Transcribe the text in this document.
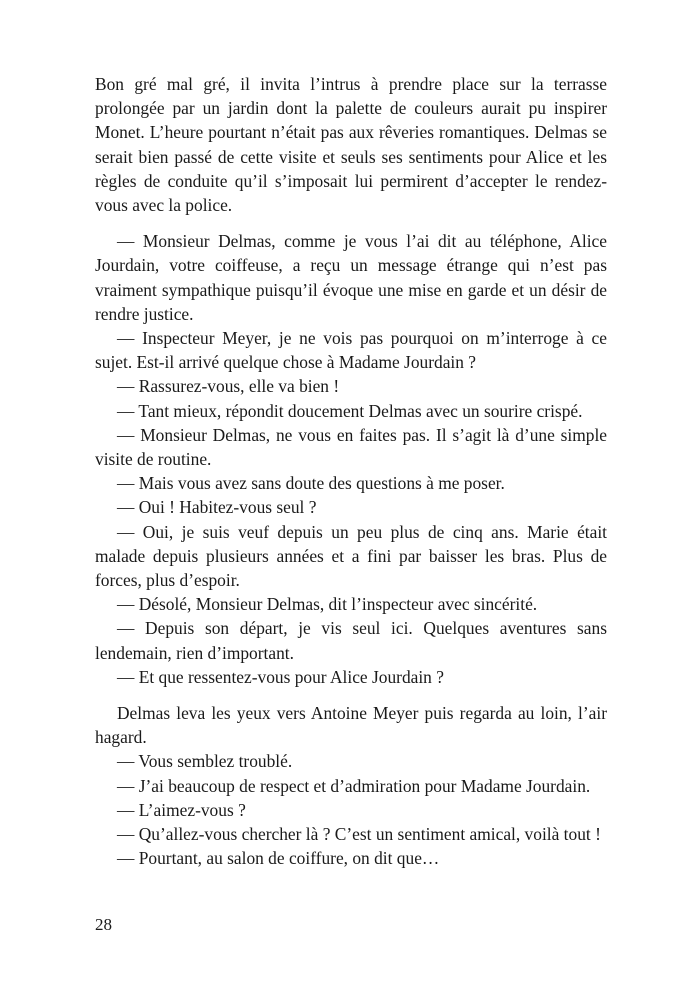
Bon gré mal gré, il invita l’intrus à prendre place sur la terrasse prolongée par un jardin dont la palette de couleurs aurait pu inspirer Monet. L’heure pourtant n’était pas aux rêveries romantiques. Delmas se serait bien passé de cette visite et seuls ses sentiments pour Alice et les règles de conduite qu’il s’imposait lui permirent d’accepter le rendez-vous avec la police.

— Monsieur Delmas, comme je vous l’ai dit au téléphone, Alice Jourdain, votre coiffeuse, a reçu un message étrange qui n’est pas vraiment sympathique puisqu’il évoque une mise en garde et un désir de rendre justice.

— Inspecteur Meyer, je ne vois pas pourquoi on m’interroge à ce sujet. Est-il arrivé quelque chose à Madame Jourdain ?

— Rassurez-vous, elle va bien !

— Tant mieux, répondit doucement Delmas avec un sourire crispé.

— Monsieur Delmas, ne vous en faites pas. Il s’agit là d’une simple visite de routine.

— Mais vous avez sans doute des questions à me poser.

— Oui ! Habitez-vous seul ?

— Oui, je suis veuf depuis un peu plus de cinq ans. Marie était malade depuis plusieurs années et a fini par baisser les bras. Plus de forces, plus d’espoir.

— Désolé, Monsieur Delmas, dit l’inspecteur avec sincérité.

— Depuis son départ, je vis seul ici. Quelques aventures sans lendemain, rien d’important.

— Et que ressentez-vous pour Alice Jourdain ?

Delmas leva les yeux vers Antoine Meyer puis regarda au loin, l’air hagard.

— Vous semblez troublé.

— J’ai beaucoup de respect et d’admiration pour Madame Jourdain.

— L’aimez-vous ?

— Qu’allez-vous chercher là ? C’est un sentiment amical, voilà tout !

— Pourtant, au salon de coiffure, on dit que…

28
